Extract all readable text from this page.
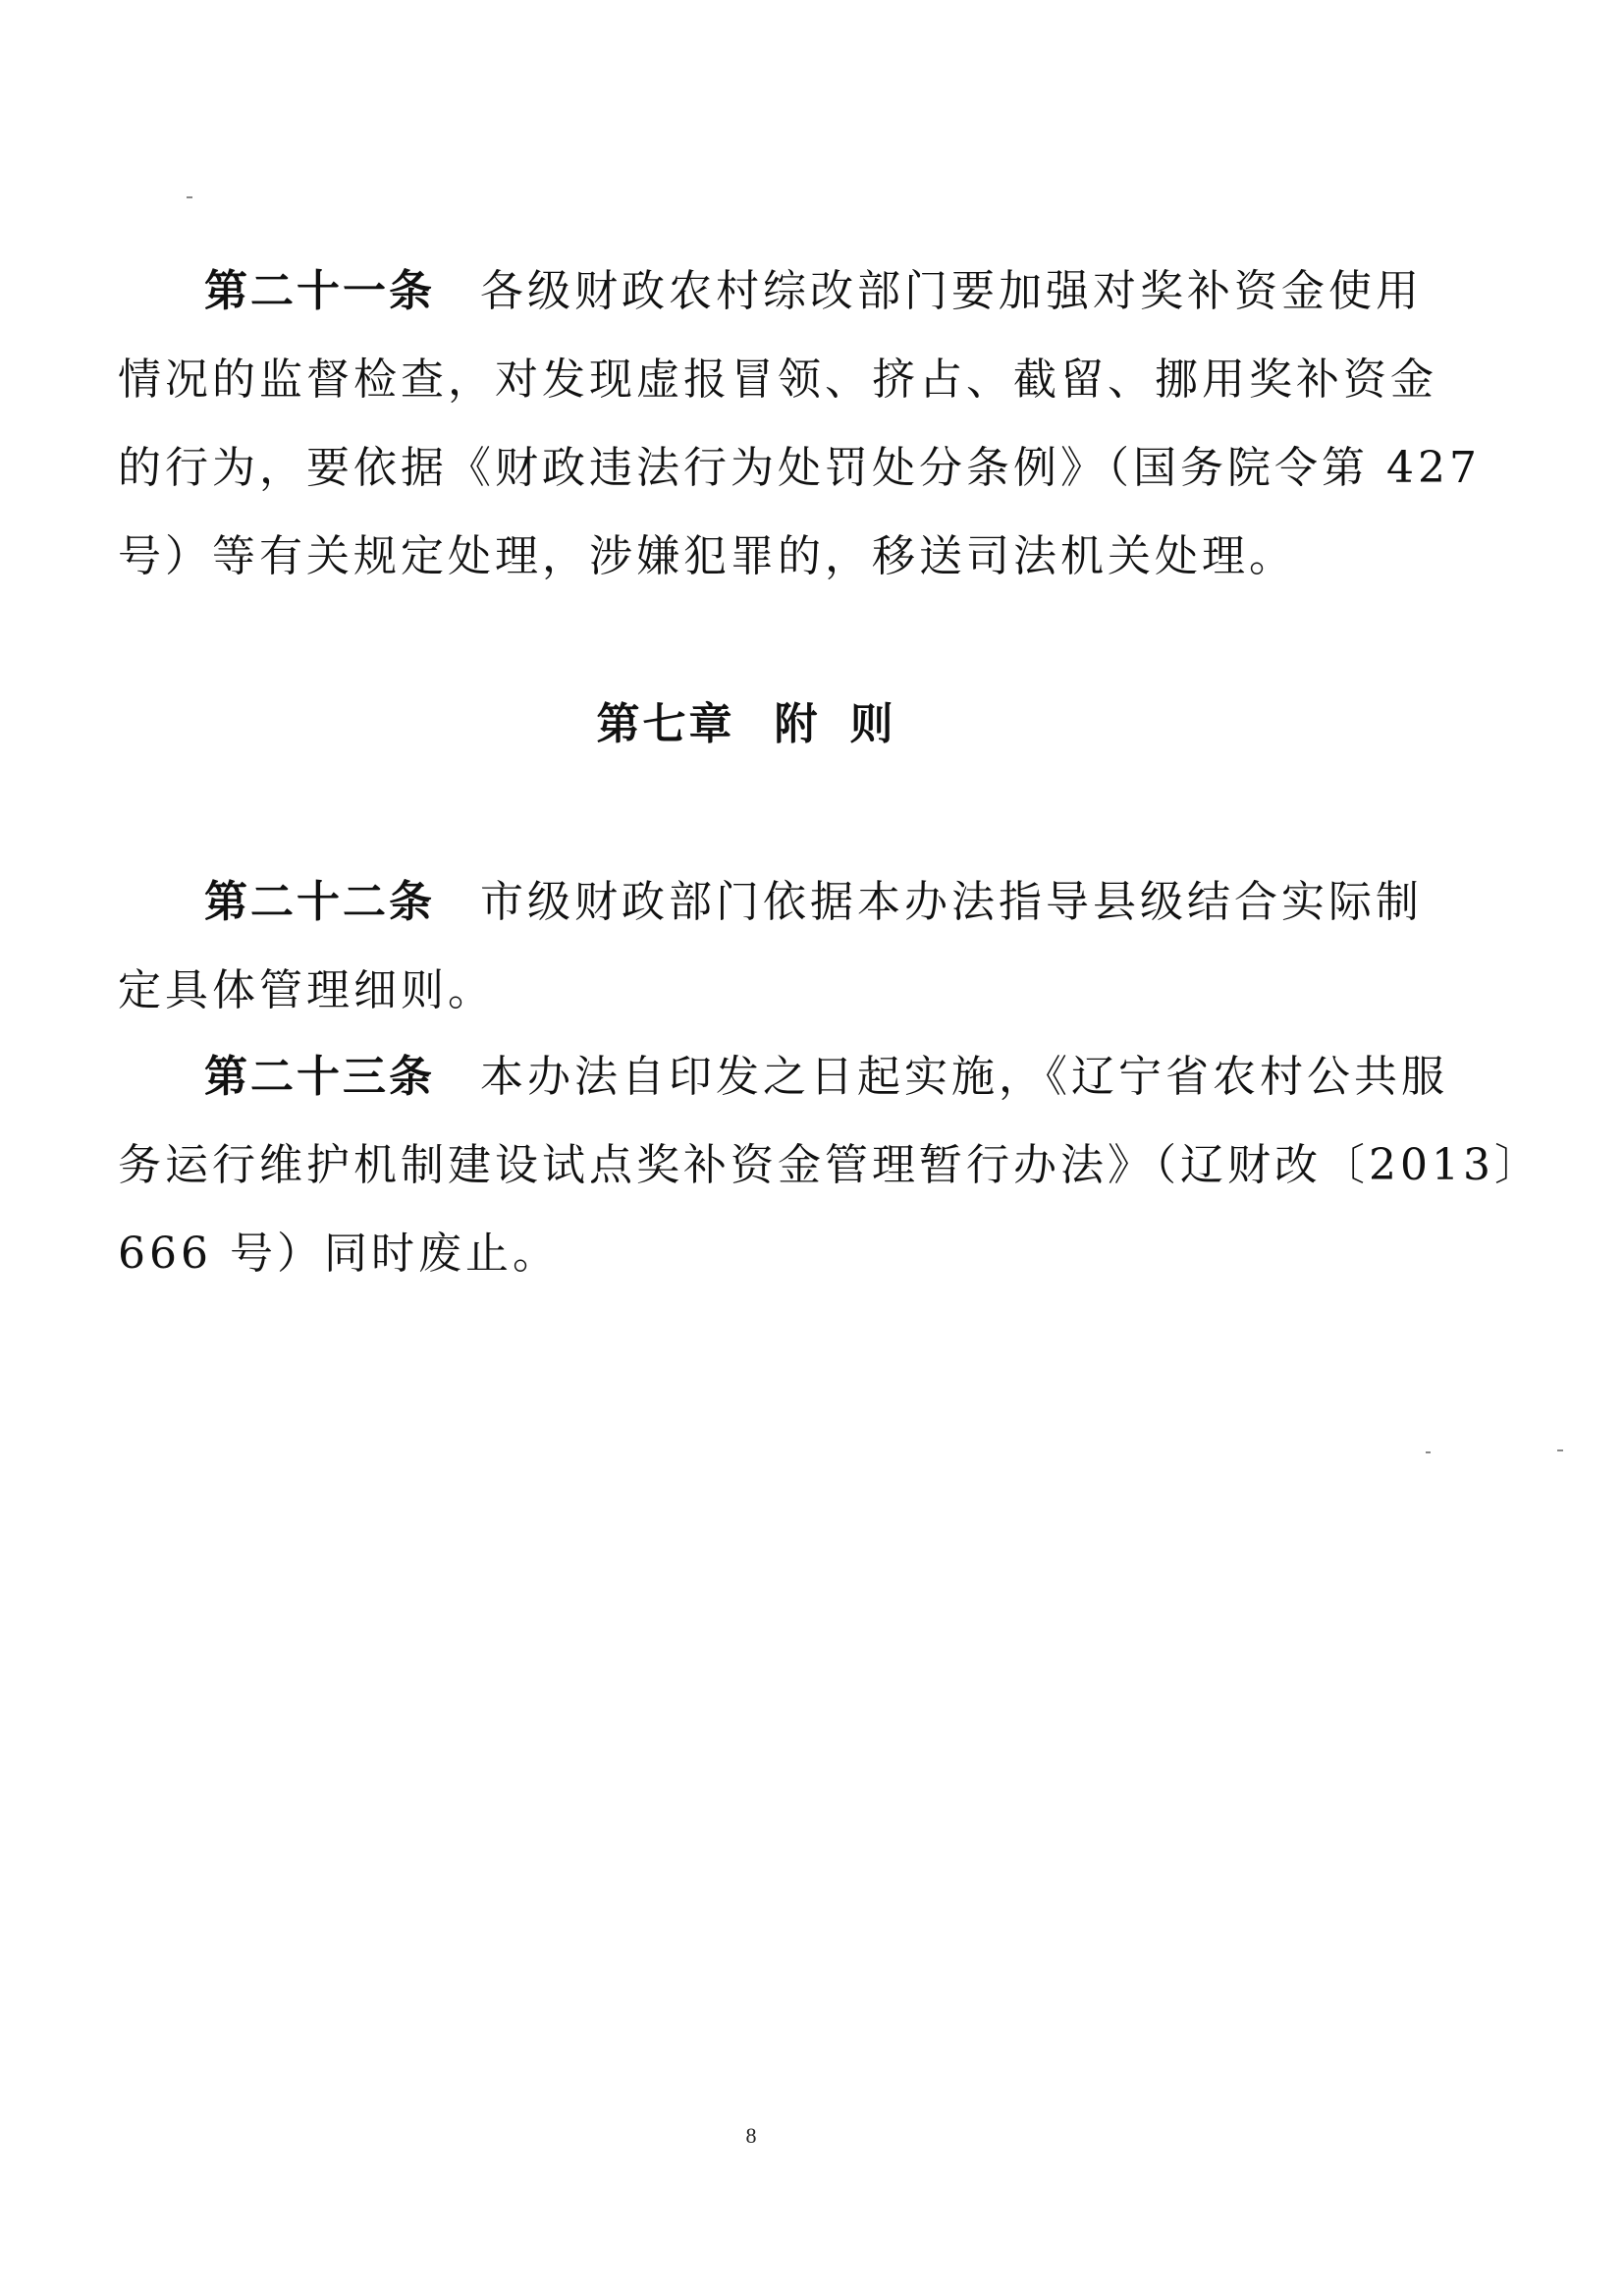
第二十一条 各级财政农村综改部门要加强对奖补资金使用
情况的监督检查，对发现虚报冒领、挤占、截留、挪用奖补资金
的行为，要依据《财政违法行为处罚处分条例》（国务院令第 427
号）等有关规定处理，涉嫌犯罪的，移送司法机关处理。

第七章 附 则

第二十二条 市级财政部门依据本办法指导县级结合实际制
定具体管理细则。

第二十三条 本办法自印发之日起实施，《辽宁省农村公共服
务运行维护机制建设试点奖补资金管理暂行办法》（辽财改〔2013〕
666 号）同时废止。

8
